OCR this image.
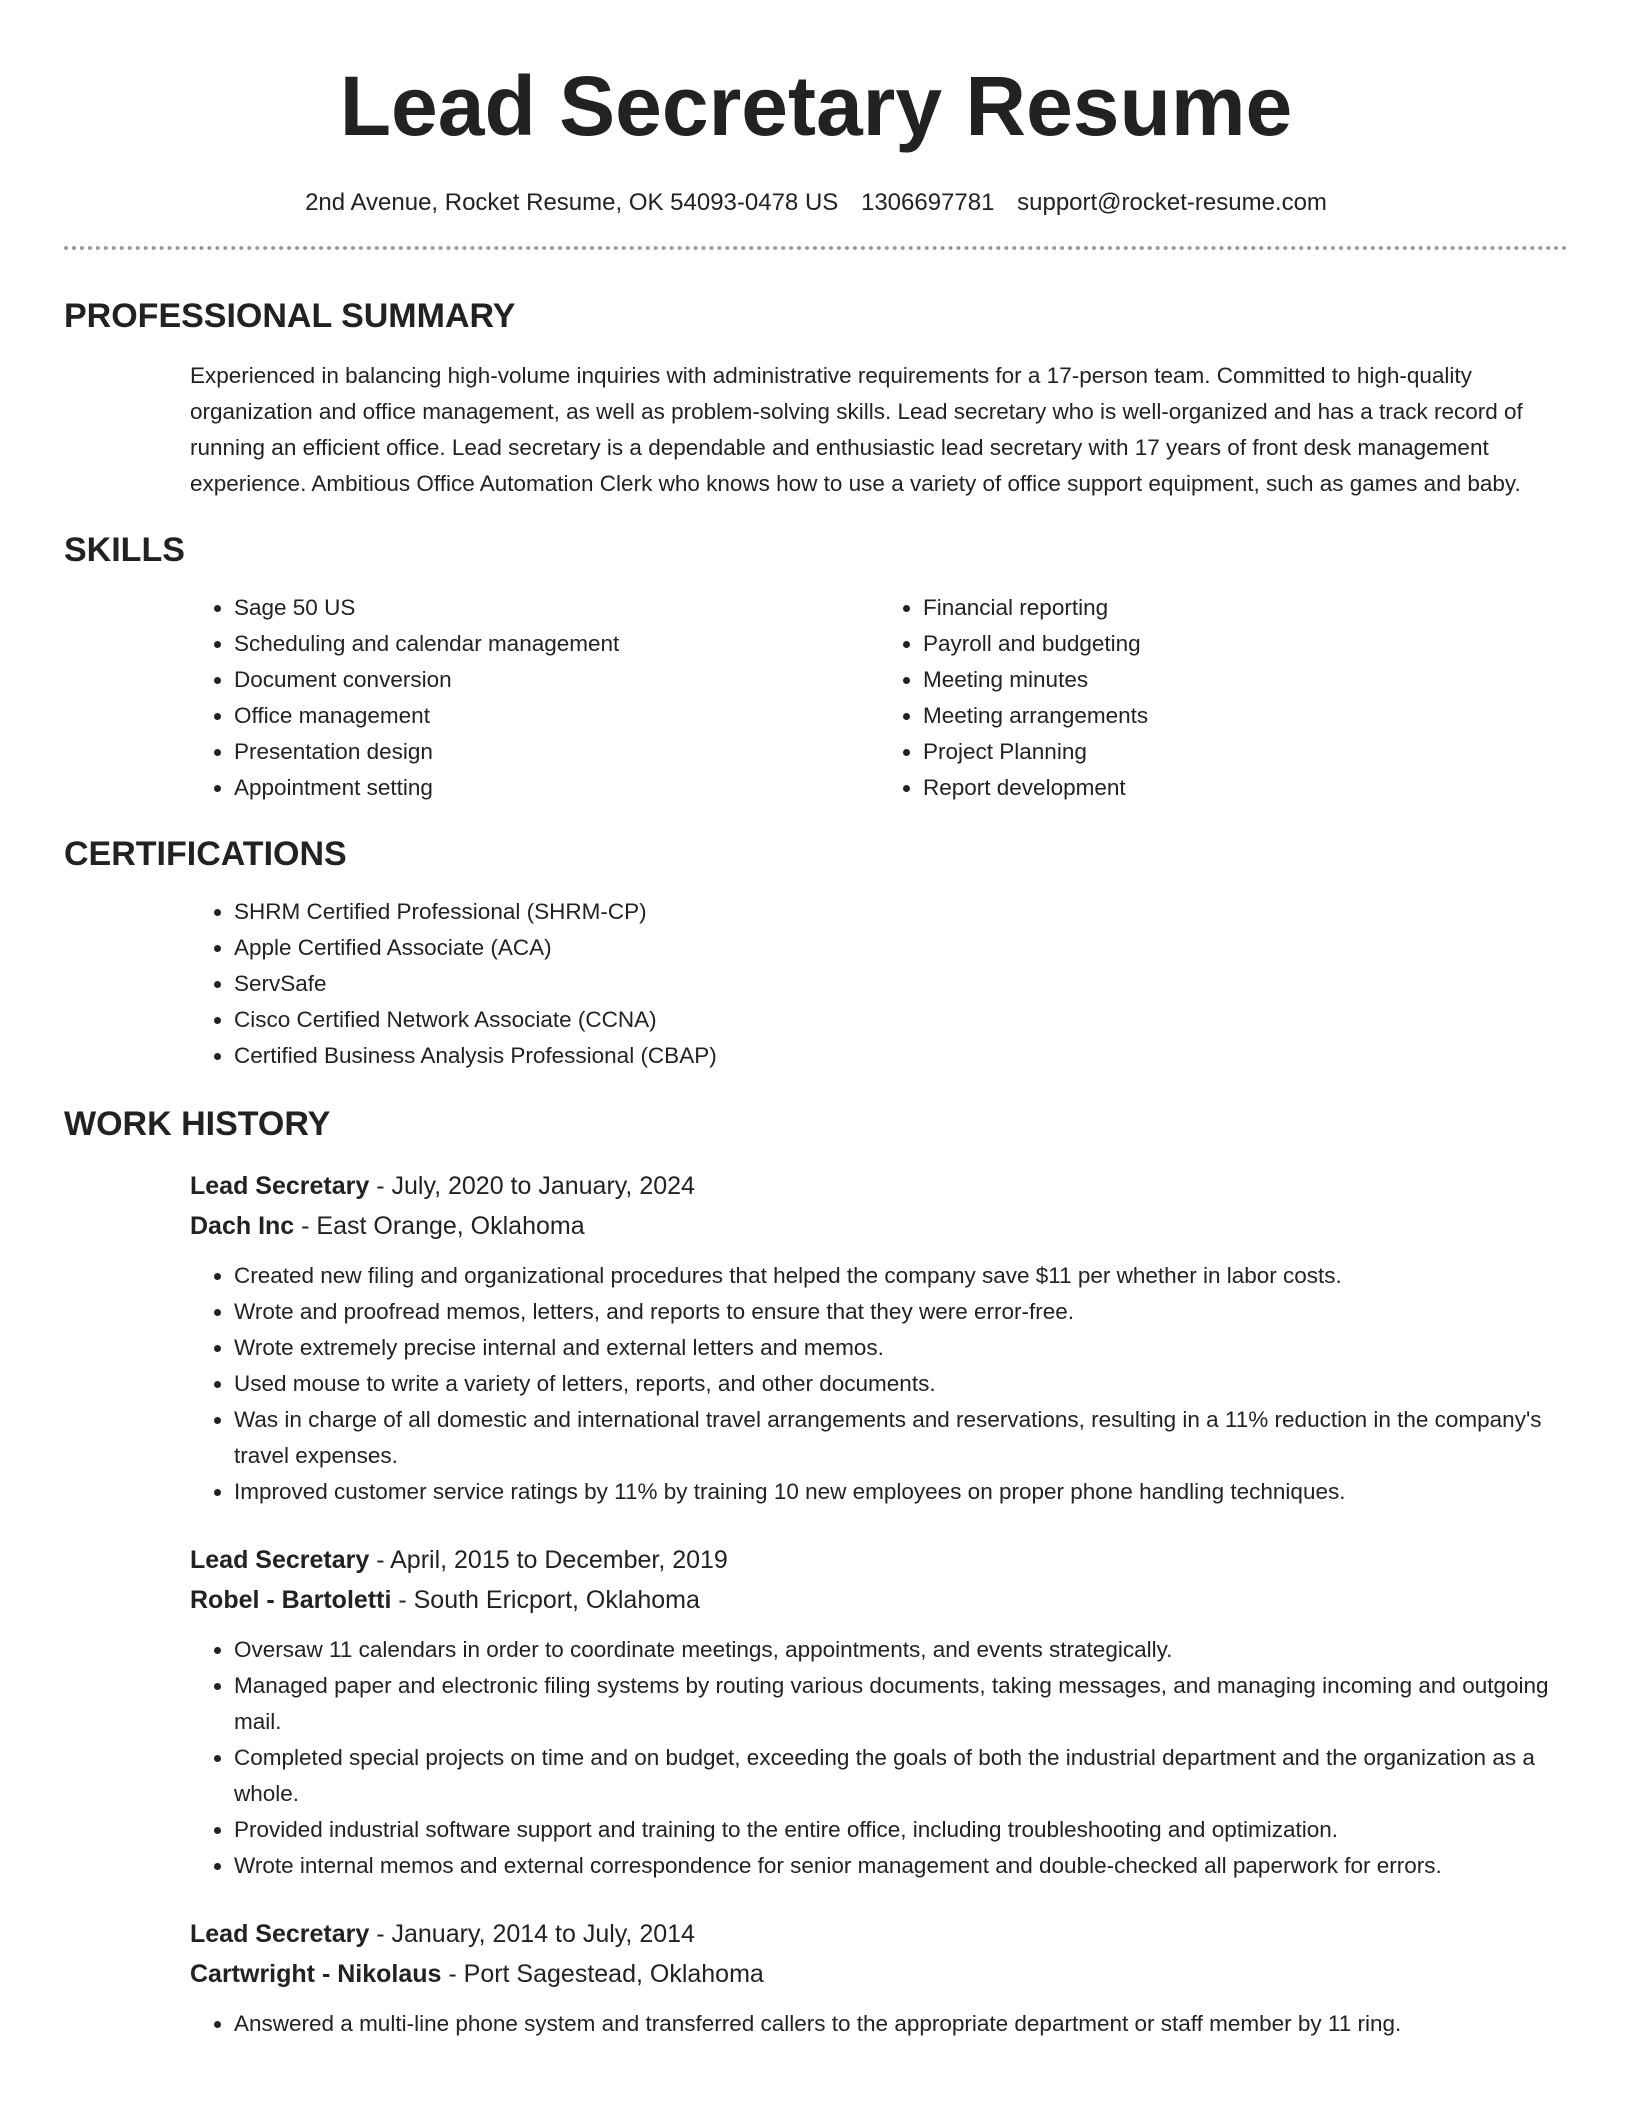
Lead Secretary Resume
2nd Avenue, Rocket Resume, OK 54093-0478 US 1306697781 support@rocket-resume.com
PROFESSIONAL SUMMARY

Experienced in balancing high-volume inquiries with administrative requirements for a 17-person team. Committed to high-quality organization and office management, as well as problem-solving skills. Lead secretary who is well-organized and has a track record of running an efficient office. Lead secretary is a dependable and enthusiastic lead secretary with 17 years of front desk management experience. Ambitious Office Automation Clerk who knows how to use a variety of office support equipment, such as games and baby.

SKILLS
• Sage 50 US
• Scheduling and calendar management
• Document conversion
• Office management
• Presentation design
• Appointment setting
• Financial reporting
• Payroll and budgeting
• Meeting minutes
• Meeting arrangements
• Project Planning
• Report development
CERTIFICATIONS
• SHRM Certified Professional (SHRM-CP)
• Apple Certified Associate (ACA)
• ServSafe
• Cisco Certified Network Associate (CCNA)
• Certified Business Analysis Professional (CBAP)
WORK HISTORY
Lead Secretary - July, 2020 to January, 2024
Dach Inc - East Orange, Oklahoma
• Created new filing and organizational procedures that helped the company save $11 per whether in labor costs.
• Wrote and proofread memos, letters, and reports to ensure that they were error-free.
• Wrote extremely precise internal and external letters and memos.
• Used mouse to write a variety of letters, reports, and other documents.
• Was in charge of all domestic and international travel arrangements and reservations, resulting in a 11% reduction in the company's travel expenses.
• Improved customer service ratings by 11% by training 10 new employees on proper phone handling techniques.
Lead Secretary - April, 2015 to December, 2019
Robel - Bartoletti - South Ericport, Oklahoma
• Oversaw 11 calendars in order to coordinate meetings, appointments, and events strategically.
• Managed paper and electronic filing systems by routing various documents, taking messages, and managing incoming and outgoing mail.
• Completed special projects on time and on budget, exceeding the goals of both the industrial department and the organization as a whole.
• Provided industrial software support and training to the entire office, including troubleshooting and optimization.
• Wrote internal memos and external correspondence for senior management and double-checked all paperwork for errors.
Lead Secretary - January, 2014 to July, 2014
Cartwright - Nikolaus - Port Sagestead, Oklahoma
• Answered a multi-line phone system and transferred callers to the appropriate department or staff member by 11 ring.
